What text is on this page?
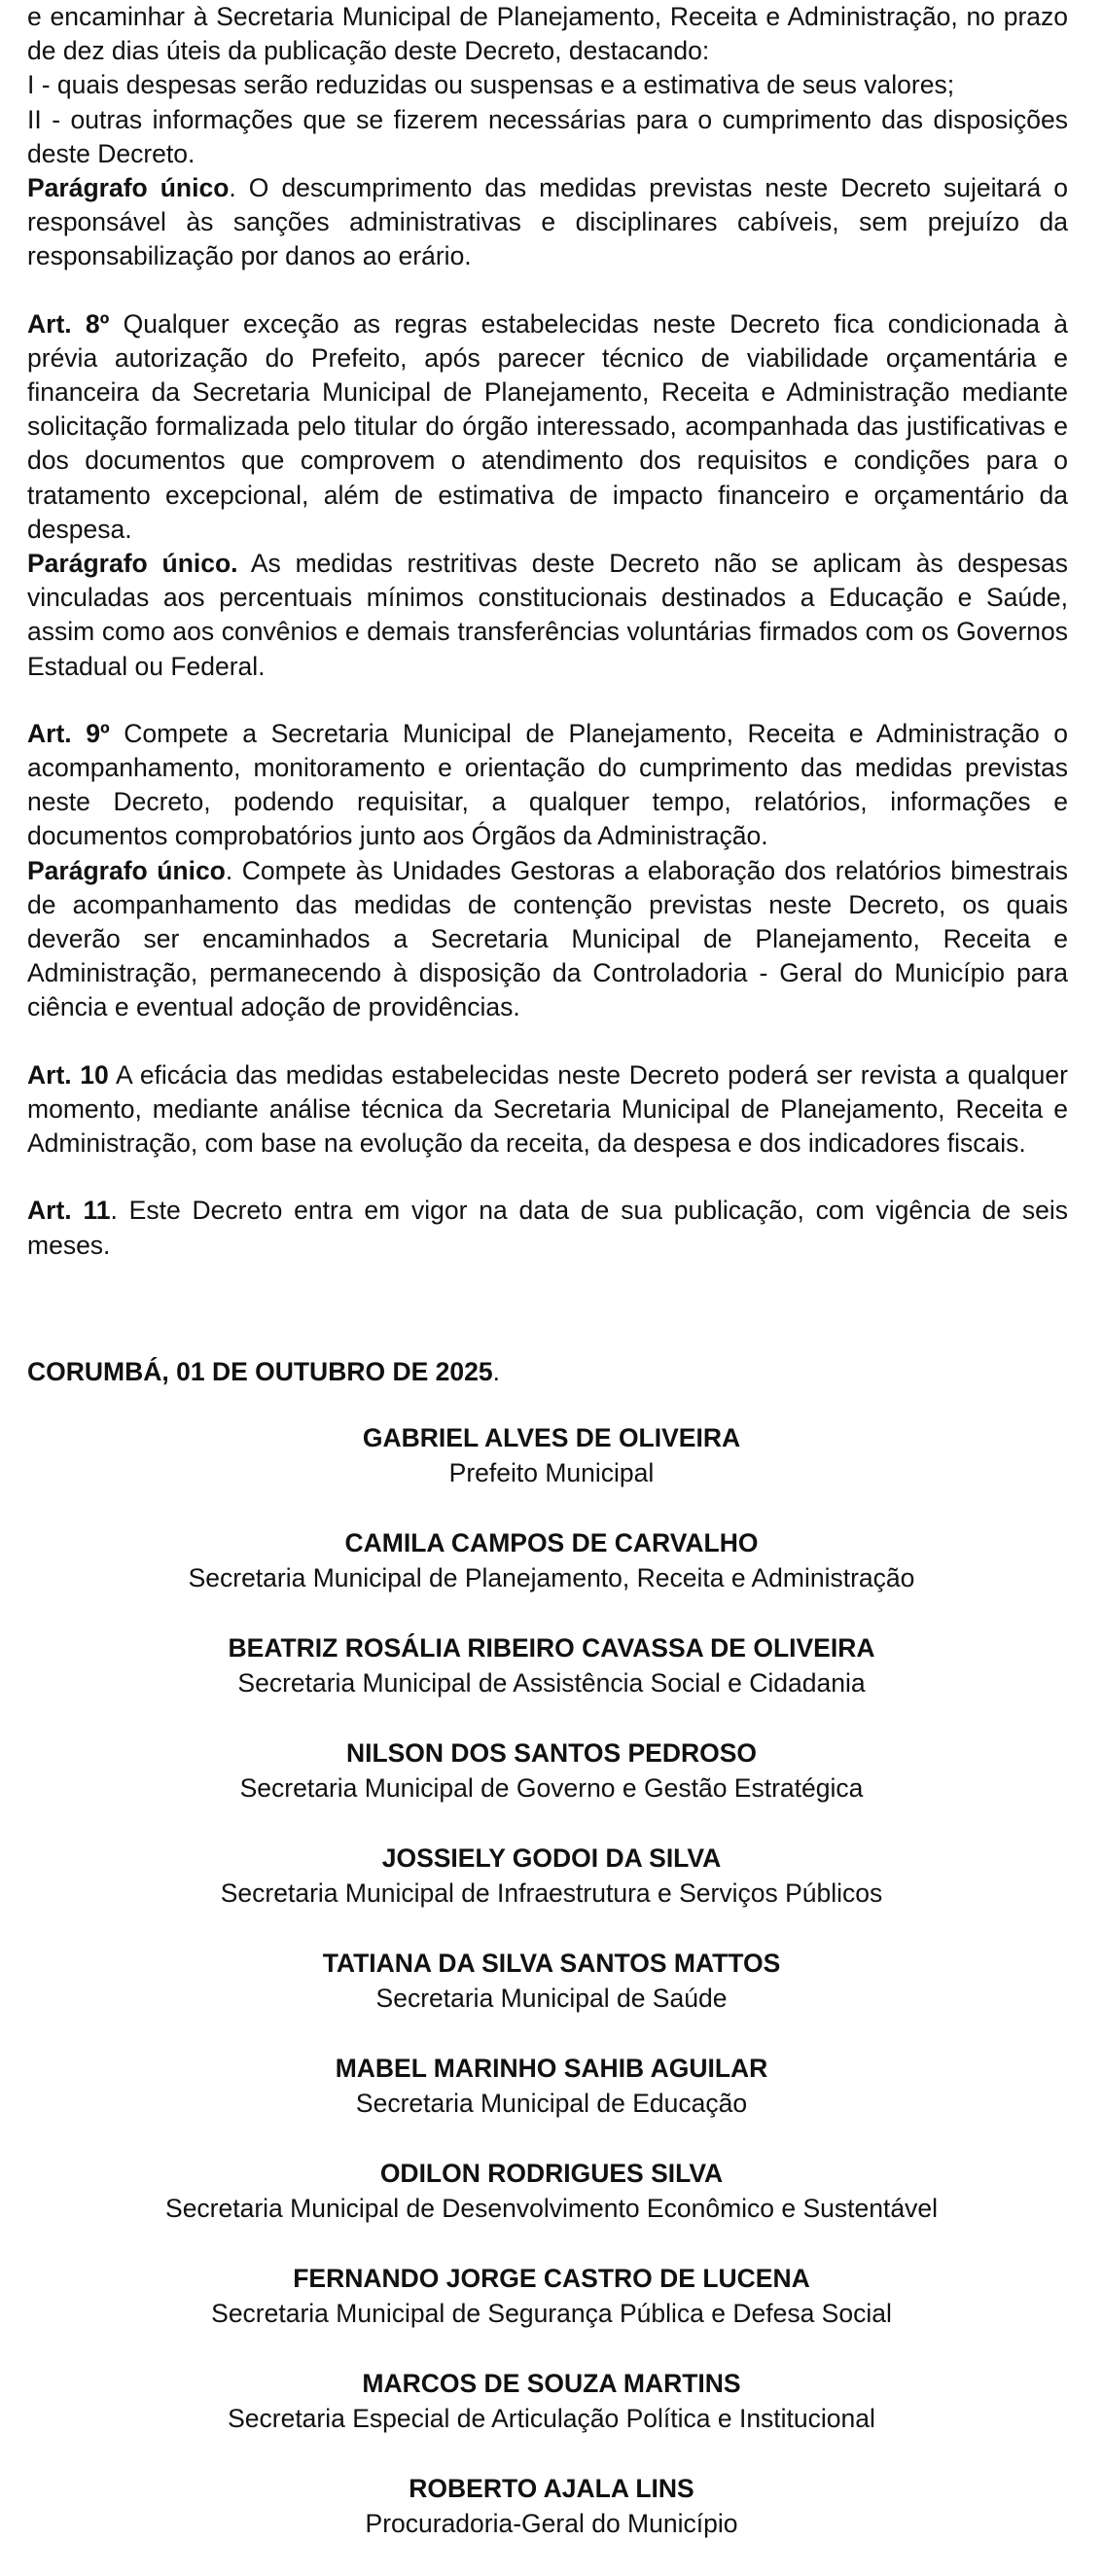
e encaminhar à Secretaria Municipal de Planejamento, Receita e Administração, no prazo de dez dias úteis da publicação deste Decreto, destacando:

I - quais despesas serão reduzidas ou suspensas e a estimativa de seus valores;

II - outras informações que se fizerem necessárias para o cumprimento das disposições deste Decreto.

Parágrafo único. O descumprimento das medidas previstas neste Decreto sujeitará o responsável às sanções administrativas e disciplinares cabíveis, sem prejuízo da responsabilização por danos ao erário.

Art. 8º Qualquer exceção as regras estabelecidas neste Decreto fica condicionada à prévia autorização do Prefeito, após parecer técnico de viabilidade orçamentária e financeira da Secretaria Municipal de Planejamento, Receita e Administração mediante solicitação formalizada pelo titular do órgão interessado, acompanhada das justificativas e dos documentos que comprovem o atendimento dos requisitos e condições para o tratamento excepcional, além de estimativa de impacto financeiro e orçamentário da despesa.

Parágrafo único. As medidas restritivas deste Decreto não se aplicam às despesas vinculadas aos percentuais mínimos constitucionais destinados a Educação e Saúde, assim como aos convênios e demais transferências voluntárias firmados com os Governos Estadual ou Federal.

Art. 9º Compete a Secretaria Municipal de Planejamento, Receita e Administração o acompanhamento, monitoramento e orientação do cumprimento das medidas previstas neste Decreto, podendo requisitar, a qualquer tempo, relatórios, informações e documentos comprobatórios junto aos Órgãos da Administração.

Parágrafo único. Compete às Unidades Gestoras a elaboração dos relatórios bimestrais de acompanhamento das medidas de contenção previstas neste Decreto, os quais deverão ser encaminhados a Secretaria Municipal de Planejamento, Receita e Administração, permanecendo à disposição da Controladoria - Geral do Município para ciência e eventual adoção de providências.

Art. 10 A eficácia das medidas estabelecidas neste Decreto poderá ser revista a qualquer momento, mediante análise técnica da Secretaria Municipal de Planejamento, Receita e Administração, com base na evolução da receita, da despesa e dos indicadores fiscais.

Art. 11. Este Decreto entra em vigor na data de sua publicação, com vigência de seis meses.

CORUMBÁ, 01 DE OUTUBRO DE 2025.
GABRIEL ALVES DE OLIVEIRA
Prefeito Municipal
CAMILA CAMPOS DE CARVALHO
Secretaria Municipal de Planejamento, Receita e Administração
BEATRIZ ROSÁLIA RIBEIRO CAVASSA DE OLIVEIRA
Secretaria Municipal de Assistência Social e Cidadania
NILSON DOS SANTOS PEDROSO
Secretaria Municipal de Governo e Gestão Estratégica
JOSSIELY GODOI DA SILVA
Secretaria Municipal de Infraestrutura e Serviços Públicos
TATIANA DA SILVA SANTOS MATTOS
Secretaria Municipal de Saúde
MABEL MARINHO SAHIB AGUILAR
Secretaria Municipal de Educação
ODILON RODRIGUES SILVA
Secretaria Municipal de Desenvolvimento Econômico e Sustentável
FERNANDO JORGE CASTRO DE LUCENA
Secretaria Municipal de Segurança Pública e Defesa Social
MARCOS DE SOUZA MARTINS
Secretaria Especial de Articulação Política e Institucional
ROBERTO AJALA LINS
Procuradoria-Geral do Município
